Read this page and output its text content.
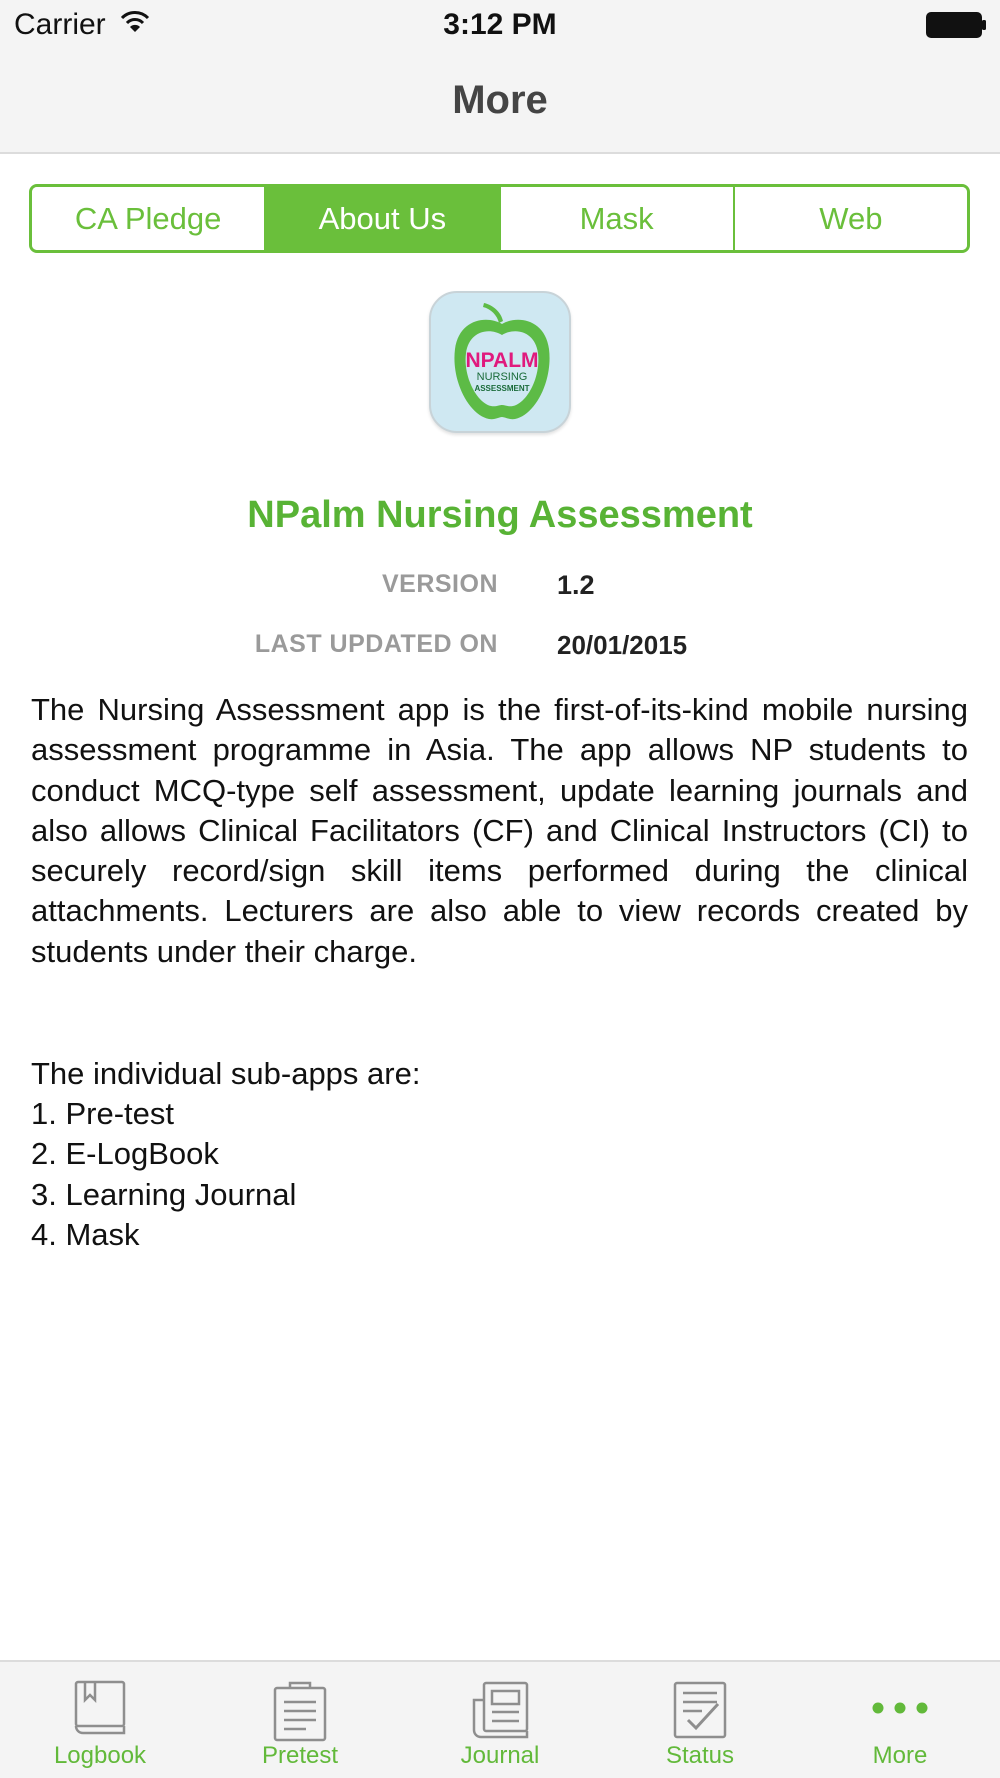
Carrier	3:12 PM
More
CA Pledge	About Us	Mask	Web
NPALM
NURSING
ASSESSMENT
NPalm Nursing Assessment
VERSION 1.2
LAST UPDATED ON 20/01/2015

The Nursing Assessment app is the first-of-its-kind mobile nursing assessment programme in Asia. The app allows NP students to conduct MCQ-type self assessment, update learning journals and also allows Clinical Facilitators (CF) and Clinical Instructors (CI) to securely record/sign skill items performed during the clinical attachments. Lecturers are also able to view records created by students under their charge.

The individual sub-apps are:
1. Pre-test
2. E-LogBook
3. Learning Journal
4. Mask
Logbook	Pretest	Journal	Status	More
